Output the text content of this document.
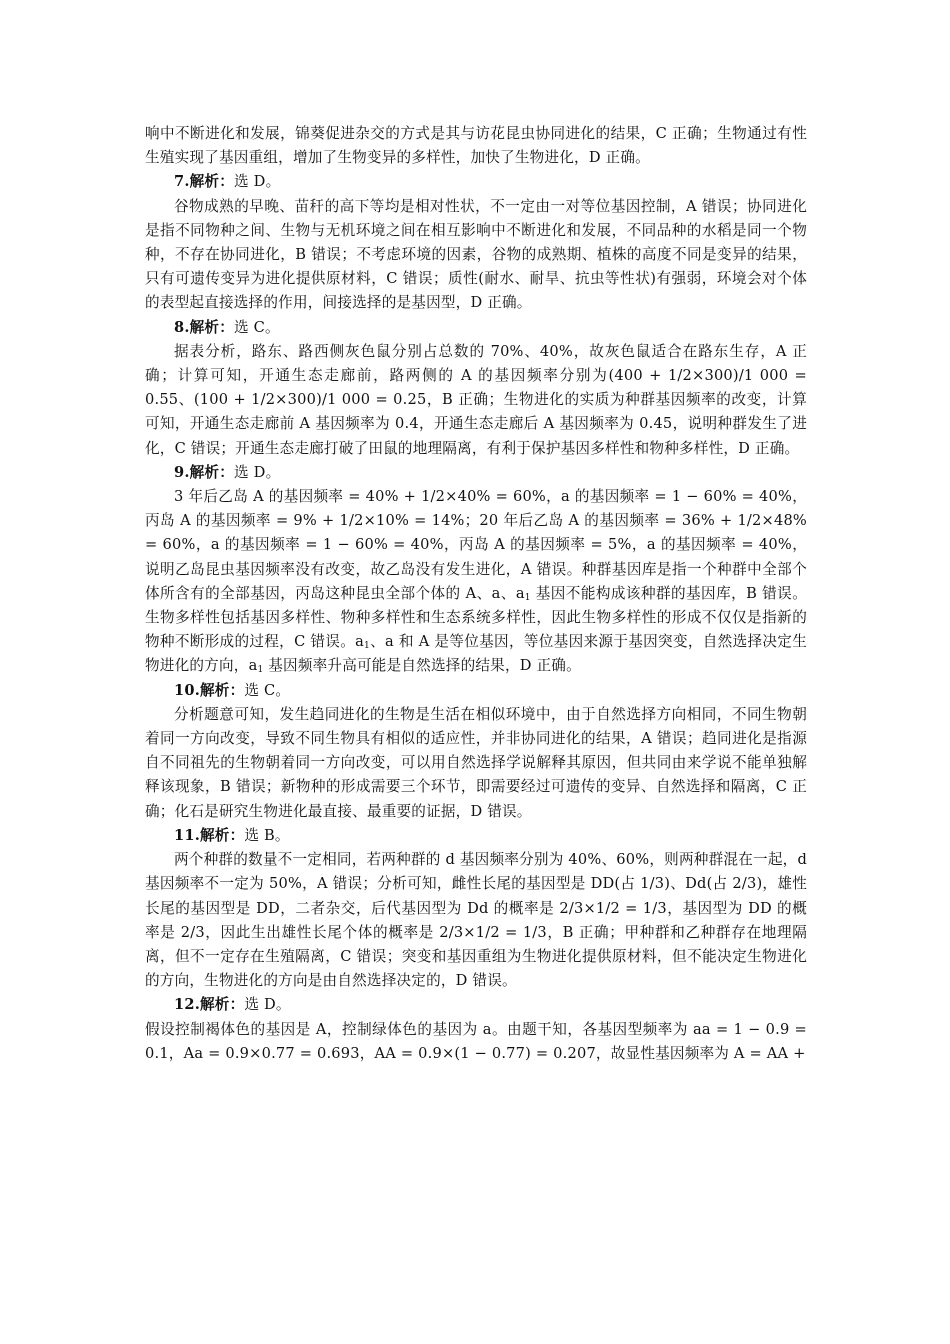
响中不断进化和发展，锦葵促进杂交的方式是其与访花昆虫协同进化的结果，C 正确；生物通过有性生殖实现了基因重组，增加了生物变异的多样性，加快了生物进化，D 正确。

7.解析：选 D。

谷物成熟的早晚、苗秆的高下等均是相对性状，不一定由一对等位基因控制，A 错误；协同进化是指不同物种之间、生物与无机环境之间在相互影响中不断进化和发展，不同品种的水稻是同一个物种，不存在协同进化，B 错误；不考虑环境的因素，谷物的成熟期、植株的高度不同是变异的结果，只有可遗传变异为进化提供原材料，C 错误；质性(耐水、耐旱、抗虫等性状)有强弱，环境会对个体的表型起直接选择的作用，间接选择的是基因型，D 正确。

8.解析：选 C。

据表分析，路东、路西侧灰色鼠分别占总数的 70%、40%，故灰色鼠适合在路东生存，A 正确；计算可知，开通生态走廊前，路两侧的 A 的基因频率分别为(400 + 1/2×300)/1 000 = 0.55、(100 + 1/2×300)/1 000 = 0.25，B 正确；生物进化的实质为种群基因频率的改变，计算可知，开通生态走廊前 A 基因频率为 0.4，开通生态走廊后 A 基因频率为 0.45，说明种群发生了进化，C 错误；开通生态走廊打破了田鼠的地理隔离，有利于保护基因多样性和物种多样性，D 正确。

9.解析：选 D。

3 年后乙岛 A 的基因频率 = 40% + 1/2×40% = 60%，a 的基因频率 = 1 − 60% = 40%，丙岛 A 的基因频率 = 9% + 1/2×10% = 14%；20 年后乙岛 A 的基因频率 = 36% + 1/2×48% = 60%，a 的基因频率 = 1 − 60% = 40%，丙岛 A 的基因频率 = 5%，a 的基因频率 = 40%，说明乙岛昆虫基因频率没有改变，故乙岛没有发生进化，A 错误。种群基因库是指一个种群中全部个体所含有的全部基因，丙岛这种昆虫全部个体的 A、a、$a_1$ 基因不能构成该种群的基因库，B 错误。生物多样性包括基因多样性、物种多样性和生态系统多样性，因此生物多样性的形成不仅仅是指新的物种不断形成的过程，C 错误。$a_1$、a 和 A 是等位基因，等位基因来源于基因突变，自然选择决定生物进化的方向，$a_1$ 基因频率升高可能是自然选择的结果，D 正确。

10.解析：选 C。

分析题意可知，发生趋同进化的生物是生活在相似环境中，由于自然选择方向相同，不同生物朝着同一方向改变，导致不同生物具有相似的适应性，并非协同进化的结果，A 错误；趋同进化是指源自不同祖先的生物朝着同一方向改变，可以用自然选择学说解释其原因，但共同由来学说不能单独解释该现象，B 错误；新物种的形成需要三个环节，即需要经过可遗传的变异、自然选择和隔离，C 正确；化石是研究生物进化最直接、最重要的证据，D 错误。

11.解析：选 B。

两个种群的数量不一定相同，若两种群的 d 基因频率分别为 40%、60%，则两种群混在一起，d 基因频率不一定为 50%，A 错误；分析可知，雌性长尾的基因型是 DD(占 1/3)、Dd(占 2/3)，雄性长尾的基因型是 DD，二者杂交，后代基因型为 Dd 的概率是 2/3×1/2 = 1/3，基因型为 DD 的概率是 2/3，因此生出雄性长尾个体的概率是 2/3×1/2 = 1/3，B 正确；甲种群和乙种群存在地理隔离，但不一定存在生殖隔离，C 错误；突变和基因重组为生物进化提供原材料，但不能决定生物进化的方向，生物进化的方向是由自然选择决定的，D 错误。

12.解析：选 D。

假设控制褐体色的基因是 A，控制绿体色的基因为 a。由题干知，各基因型频率为 aa = 1 − 0.9 = 0.1，Aa = 0.9×0.77 = 0.693，AA = 0.9×(1 − 0.77) = 0.207，故显性基因频率为 A = AA +
